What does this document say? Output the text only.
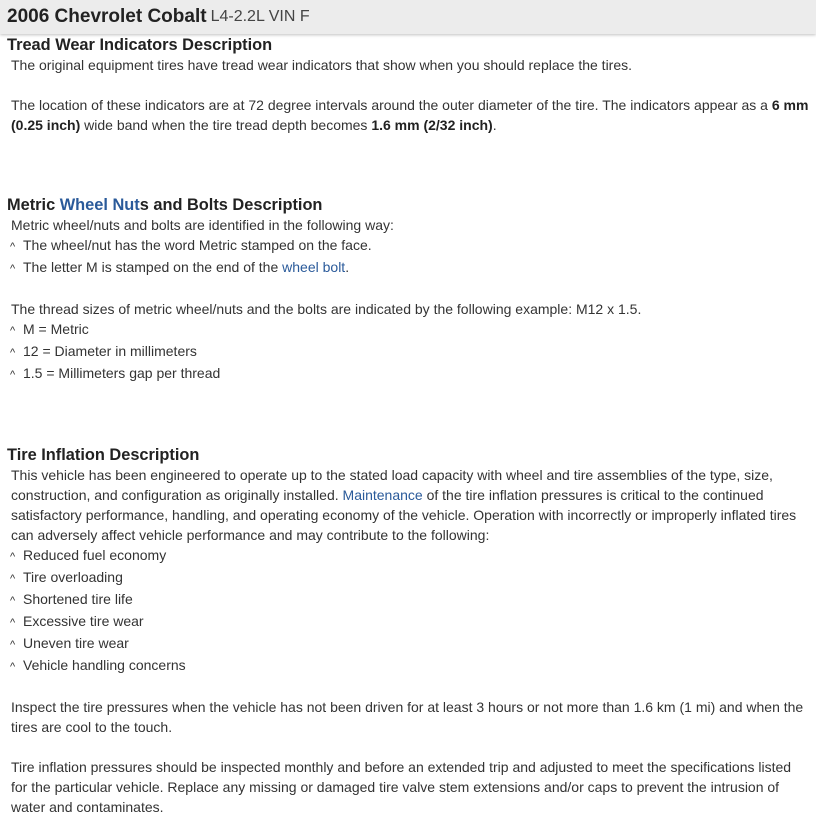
2006 Chevrolet Cobalt L4-2.2L VIN F
Tread Wear Indicators Description

The original equipment tires have tread wear indicators that show when you should replace the tires.

The location of these indicators are at 72 degree intervals around the outer diameter of the tire. The indicators appear as a 6 mm (0.25 inch) wide band when the tire tread depth becomes 1.6 mm (2/32 inch).

Metric Wheel Nuts and Bolts Description

Metric wheel/nuts and bolts are identified in the following way:

^ The wheel/nut has the word Metric stamped on the face.
^ The letter M is stamped on the end of the wheel bolt.

The thread sizes of metric wheel/nuts and the bolts are indicated by the following example: M12 x 1.5.

^ M = Metric
^ 12 = Diameter in millimeters
^ 1.5 = Millimeters gap per thread
Tire Inflation Description

This vehicle has been engineered to operate up to the stated load capacity with wheel and tire assemblies of the type, size, construction, and configuration as originally installed. Maintenance of the tire inflation pressures is critical to the continued satisfactory performance, handling, and operating economy of the vehicle. Operation with incorrectly or improperly inflated tires can adversely affect vehicle performance and may contribute to the following:

^ Reduced fuel economy
^ Tire overloading
^ Shortened tire life
^ Excessive tire wear
^ Uneven tire wear
^ Vehicle handling concerns

Inspect the tire pressures when the vehicle has not been driven for at least 3 hours or not more than 1.6 km (1 mi) and when the tires are cool to the touch.

Tire inflation pressures should be inspected monthly and before an extended trip and adjusted to meet the specifications listed for the particular vehicle. Replace any missing or damaged tire valve stem extensions and/or caps to prevent the intrusion of water and contaminates.
